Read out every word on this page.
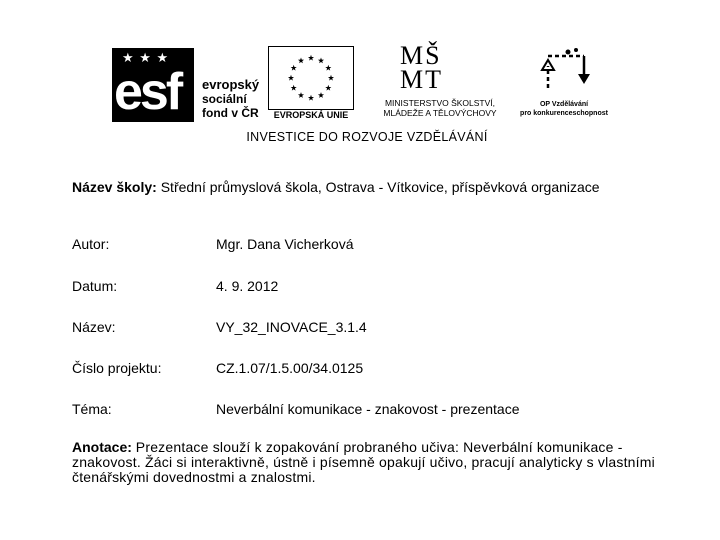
★ ★ ★
esf evropský
sociální
fond v ČR	EVROPSKÁ UNIE
MŠ
MT
MINISTERSTVO ŠKOLSTVÍ,
MLÁDEŽE A TĚLOVÝCHOVY
OP Vzdělávání
pro konkurenceschopnost
INVESTICE DO ROZVOJE VZDĚLÁVÁNÍ
Název školy: Střední průmyslová škola, Ostrava - Vítkovice, příspěvková organizace
Autor:	Mgr. Dana Vicherková
Datum:	4. 9. 2012
Název:	VY_32_INOVACE_3.1.4
Číslo projektu:	CZ.1.07/1.5.00/34.0125
Téma:	Neverbální komunikace - znakovost - prezentace
Anotace: Prezentace slouží k zopakování probraného učiva: Neverbální komunikace - znakovost. Žáci si interaktivně, ústně i písemně opakují učivo, pracují analyticky s vlastními čtenářskými dovednostmi a znalostmi.
